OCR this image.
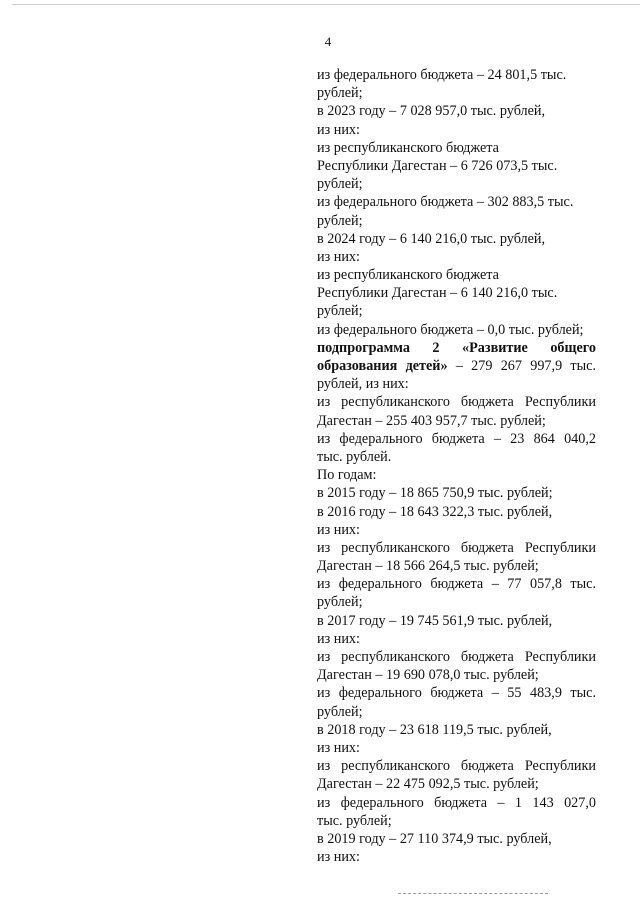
4
из федерального бюджета – 24 801,5 тыс.
рублей;
в 2023 году – 7 028 957,0 тыс. рублей,
из них:
из республиканского бюджета
Республики Дагестан – 6 726 073,5 тыс.
рублей;
из федерального бюджета – 302 883,5 тыс.
рублей;
в 2024 году – 6 140 216,0 тыс. рублей,
из них:
из республиканского бюджета
Республики Дагестан – 6 140 216,0 тыс.
рублей;
из федерального бюджета – 0,0 тыс. рублей;
подпрограмма 2 «Развитие общего
образования детей» – 279 267 997,9 тыс.
рублей, из них:
из республиканского бюджета Республики
Дагестан – 255 403 957,7 тыс. рублей;
из федерального бюджета – 23 864 040,2
тыс. рублей.
По годам:
в 2015 году – 18 865 750,9 тыс. рублей;
в 2016 году – 18 643 322,3 тыс. рублей,
из них:
из республиканского бюджета Республики
Дагестан – 18 566 264,5 тыс. рублей;
из федерального бюджета – 77 057,8 тыс.
рублей;
в 2017 году – 19 745 561,9 тыс. рублей,
из них:
из республиканского бюджета Республики
Дагестан – 19 690 078,0 тыс. рублей;
из федерального бюджета – 55 483,9 тыс.
рублей;
в 2018 году – 23 618 119,5 тыс. рублей,
из них:
из республиканского бюджета Республики
Дагестан – 22 475 092,5 тыс. рублей;
из федерального бюджета – 1 143 027,0
тыс. рублей;
в 2019 году – 27 110 374,9 тыс. рублей,
из них:
